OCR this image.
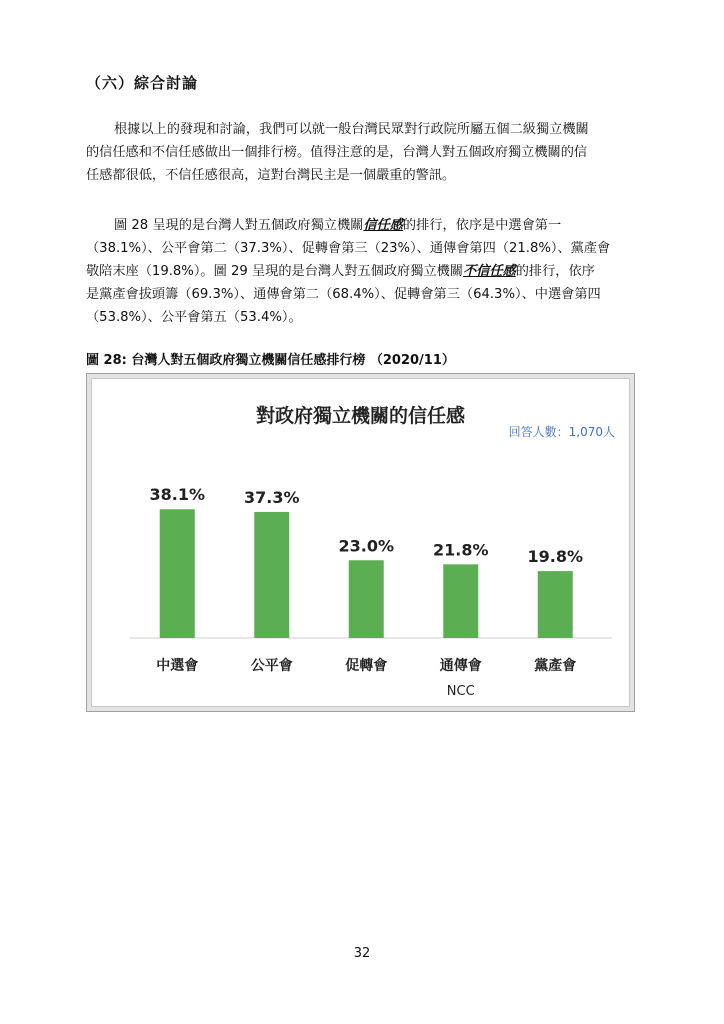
（六）綜合討論
根據以上的發現和討論，我們可以就一般台灣民眾對行政院所屬五個二級獨立機關
的信任感和不信任感做出一個排行榜。值得注意的是，台灣人對五個政府獨立機關的信
任感都很低，不信任感很高，這對台灣民主是一個嚴重的警訊。
圖 28 呈現的是台灣人對五個政府獨立機關信任感的排行，依序是中選會第一
（38.1%）、公平會第二（37.3%）、促轉會第三（23%）、通傳會第四（21.8%）、黨產會
敬陪末座（19.8%）。圖 29 呈現的是台灣人對五個政府獨立機關不信任感的排行，依序
是黨產會拔頭籌（69.3%）、通傳會第二（68.4%）、促轉會第三（64.3%）、中選會第四
（53.8%）、公平會第五（53.4%）。
圖 28: 台灣人對五個政府獨立機關信任感排行榜 （2020/11）
對政府獨立機關的信任感
回答人數：1,070人
38.1%
中選會
37.3%
公平會
23.0%
促轉會
21.8%
通傳會
NCC
19.8%
黨產會
32
